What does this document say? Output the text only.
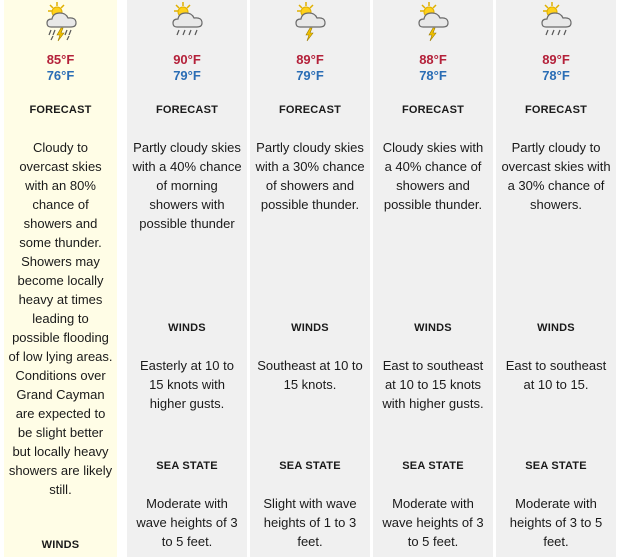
85°F
76°F
FORECAST
Cloudy to overcast skies with an 80% chance of showers and some thunder. Showers may become locally heavy at times leading to possible flooding of low lying areas. Conditions over Grand Cayman are expected to be slight better but locally heavy showers are likely still.
WINDS
90°F
79°F
FORECAST
Partly cloudy skies with a 40% chance of morning showers with possible thunder
WINDS
Easterly at 10 to 15 knots with higher gusts.
SEA STATE
Moderate with wave heights of 3 to 5 feet.
89°F
79°F
FORECAST
Partly cloudy skies with a 30% chance of showers and possible thunder.
WINDS
Southeast at 10 to 15 knots.
SEA STATE
Slight with wave heights of 1 to 3 feet.
88°F
78°F
FORECAST
Cloudy skies with a 40% chance of showers and possible thunder.
WINDS
East to southeast at 10 to 15 knots with higher gusts.
SEA STATE
Moderate with wave heights of 3 to 5 feet.
89°F
78°F
FORECAST
Partly cloudy to overcast skies with a 30% chance of showers.
WINDS
East to southeast at 10 to 15.
SEA STATE
Moderate with heights of 3 to 5 feet.
